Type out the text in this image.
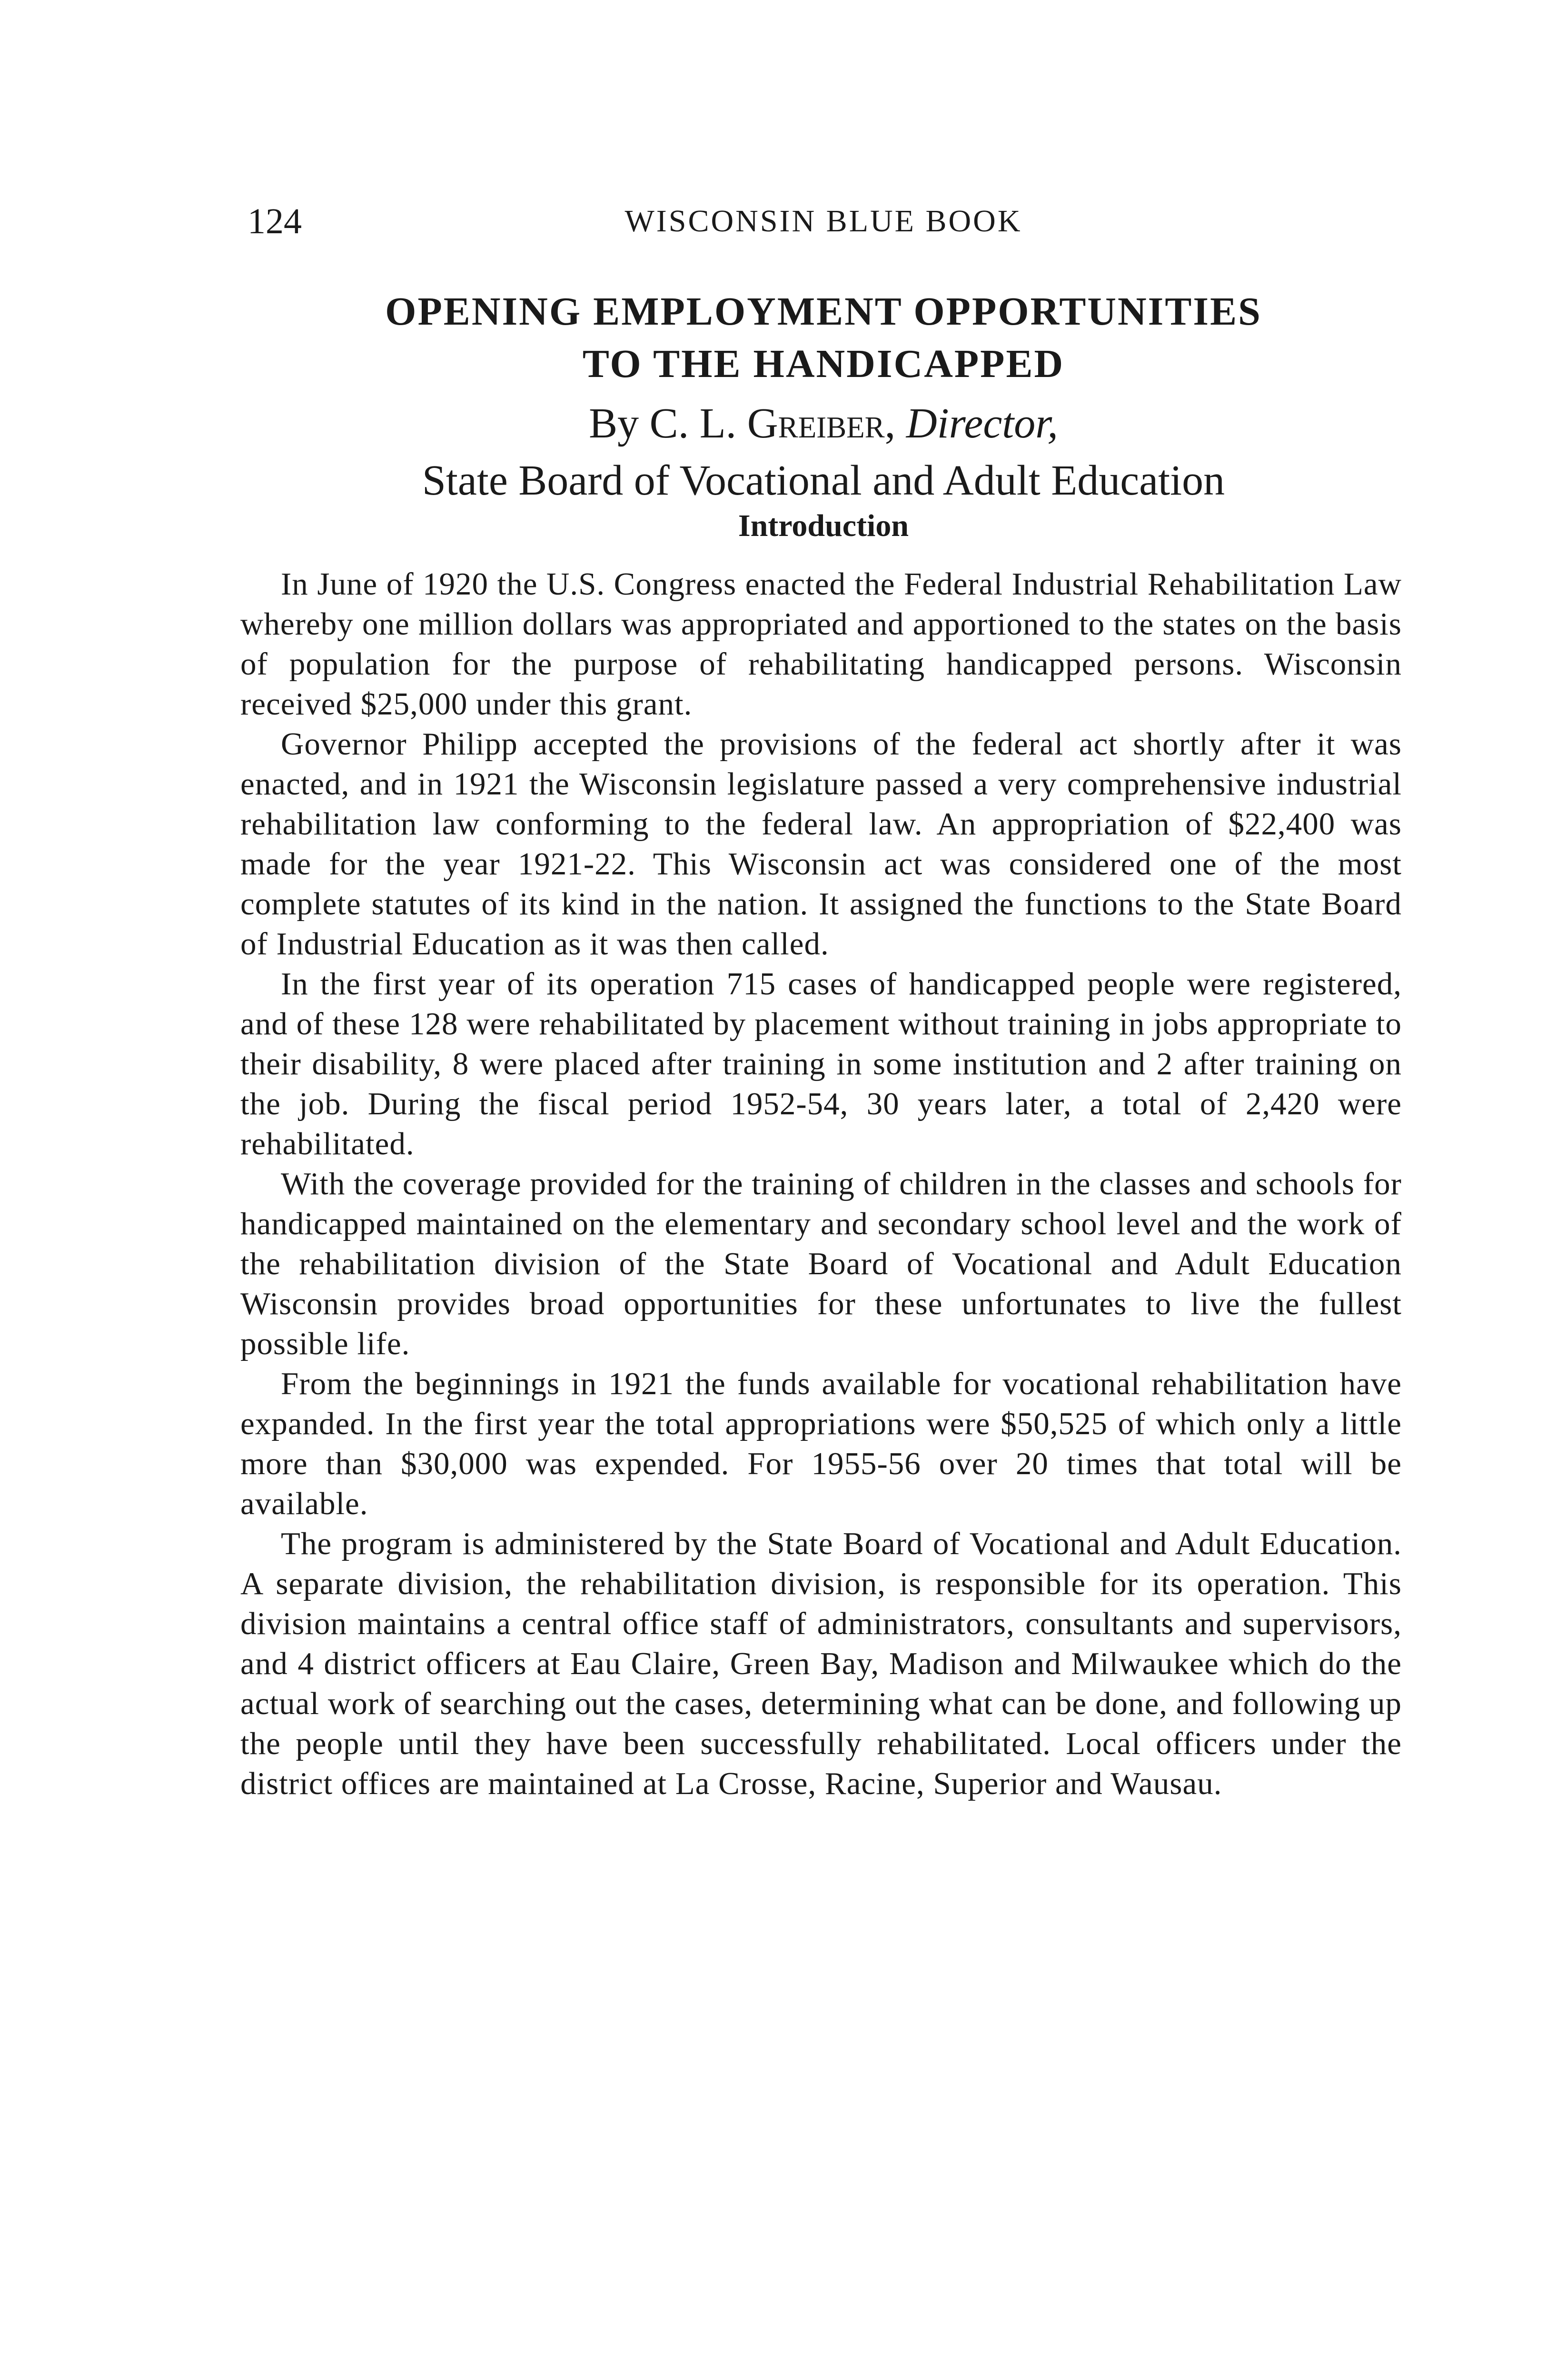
124	WISCONSIN BLUE BOOK
OPENING EMPLOYMENT OPPORTUNITIES
TO THE HANDICAPPED
By C. L. Greiber, Director,
State Board of Vocational and Adult Education
Introduction

In June of 1920 the U.S. Congress enacted the Federal Industrial Rehabilitation Law whereby one million dollars was appropriated and apportioned to the states on the basis of population for the purpose of rehabilitating handicapped persons. Wisconsin received $25,000 under this grant.

Governor Philipp accepted the provisions of the federal act shortly after it was enacted, and in 1921 the Wisconsin legislature passed a very comprehensive industrial rehabilitation law conforming to the federal law. An appropriation of $22,400 was made for the year 1921-22. This Wisconsin act was considered one of the most complete statutes of its kind in the nation. It assigned the functions to the State Board of Industrial Education as it was then called.

In the first year of its operation 715 cases of handicapped people were registered, and of these 128 were rehabilitated by placement without training in jobs appropriate to their disability, 8 were placed after training in some institution and 2 after training on the job. During the fiscal period 1952-54, 30 years later, a total of 2,420 were rehabilitated.

With the coverage provided for the training of children in the classes and schools for handicapped maintained on the elementary and secondary school level and the work of the rehabilitation division of the State Board of Vocational and Adult Education Wisconsin provides broad opportunities for these unfortunates to live the fullest possible life.

From the beginnings in 1921 the funds available for vocational rehabilitation have expanded. In the first year the total appropriations were $50,525 of which only a little more than $30,000 was expended. For 1955-56 over 20 times that total will be available.

The program is administered by the State Board of Vocational and Adult Education. A separate division, the rehabilitation division, is responsible for its operation. This division maintains a central office staff of administrators, consultants and supervisors, and 4 district officers at Eau Claire, Green Bay, Madison and Milwaukee which do the actual work of searching out the cases, determining what can be done, and following up the people until they have been successfully rehabilitated. Local officers under the district offices are maintained at La Crosse, Racine, Superior and Wausau.
